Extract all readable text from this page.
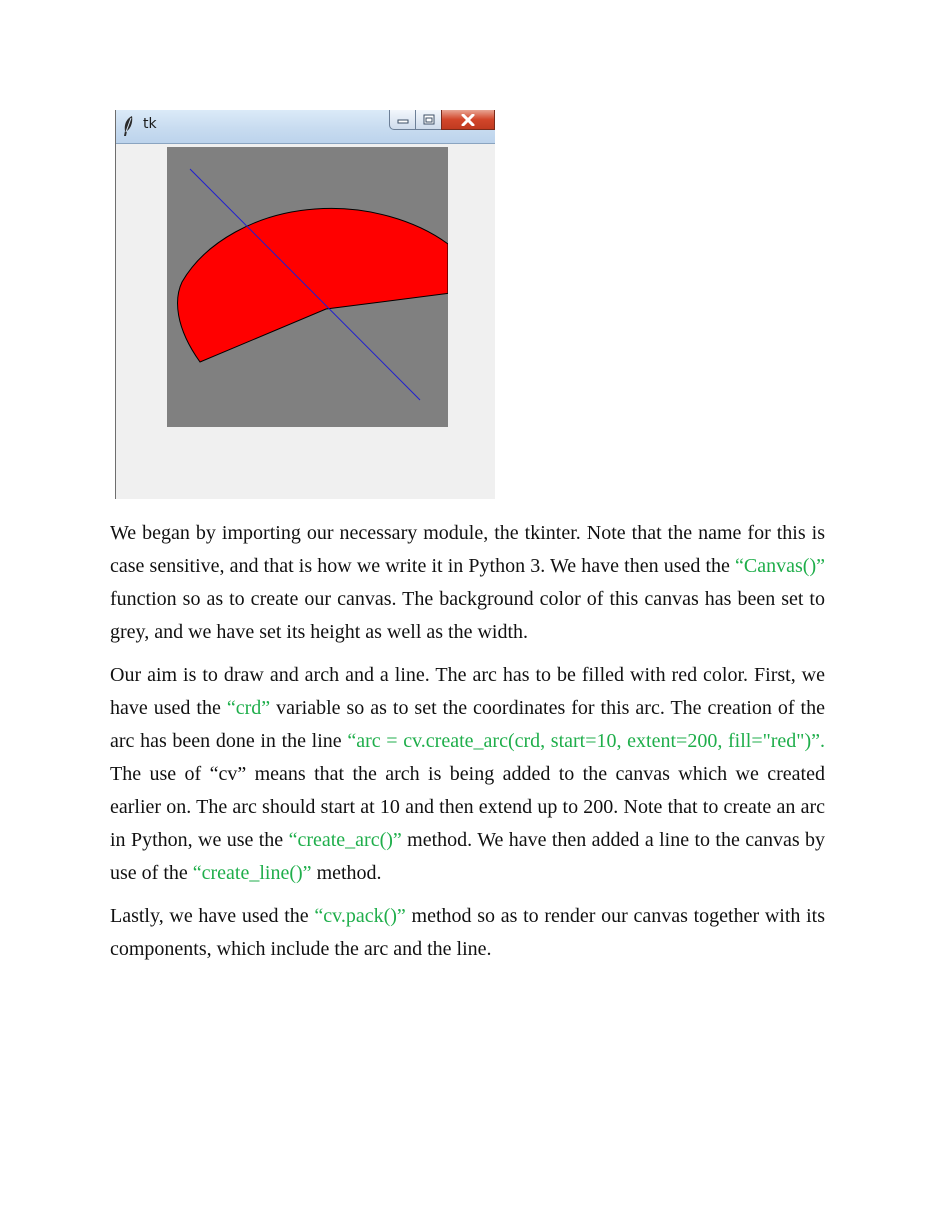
tk

We began by importing our necessary module, the tkinter. Note that the name for this is case sensitive, and that is how we write it in Python 3. We have then used the “Canvas()” function so as to create our canvas. The background color of this canvas has been set to grey, and we have set its height as well as the width.

Our aim is to draw and arch and a line. The arc has to be filled with red color. First, we have used the “crd” variable so as to set the coordinates for this arc. The creation of the arc has been done in the line “arc = cv.create_arc(crd, start=10, extent=200, fill="red")”. The use of “cv” means that the arch is being added to the canvas which we created earlier on. The arc should start at 10 and then extend up to 200. Note that to create an arc in Python, we use the “create_arc()” method. We have then added a line to the canvas by use of the “create_line()” method.

Lastly, we have used the “cv.pack()” method so as to render our canvas together with its components, which include the arc and the line.
